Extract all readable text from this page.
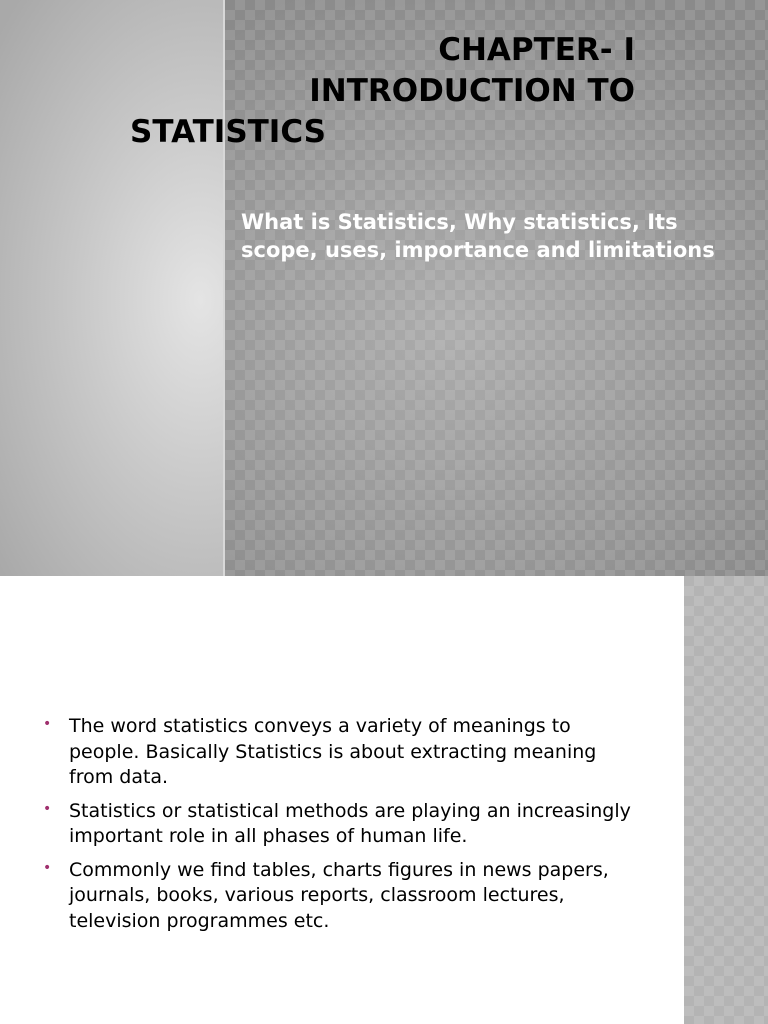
CHAPTER- I
INTRODUCTION TO
STATISTICS

What is Statistics, Why statistics, Its scope, uses, importance and limitations

• The word statistics conveys a variety of meanings to people. Basically Statistics is about extracting meaning from data.
• Statistics or statistical methods are playing an increasingly important role in all phases of human life.
• Commonly we find tables, charts figures in news papers, journals, books, various reports, classroom lectures, television programmes etc.
